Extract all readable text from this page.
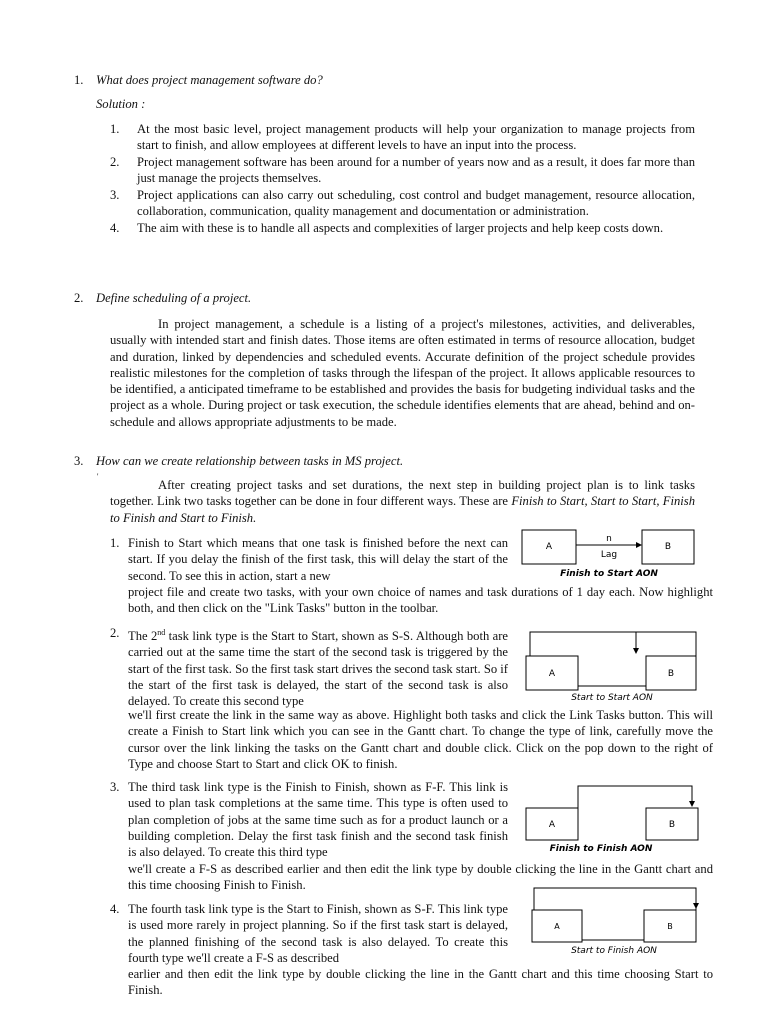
1. What does project management software do?
Solution :
1. At the most basic level, project management products will help your organization to manage projects from start to finish, and allow employees at different levels to have an input into the process.
2. Project management software has been around for a number of years now and as a result, it does far more than just manage the projects themselves.
3. Project applications can also carry out scheduling, cost control and budget management, resource allocation, collaboration, communication, quality management and documentation or administration.
4. The aim with these is to handle all aspects and complexities of larger projects and help keep costs down.
2. Define scheduling of a project.

In project management, a schedule is a listing of a project's milestones, activities, and deliverables, usually with intended start and finish dates. Those items are often estimated in terms of resource allocation, budget and duration, linked by dependencies and scheduled events. Accurate definition of the project schedule provides realistic milestones for the completion of tasks through the lifespan of the project. It allows applicable resources to be identified, a anticipated timeframe to be established and provides the basis for budgeting individual tasks and the project as a whole. During project or task execution, the schedule identifies elements that are ahead, behind and on-schedule and allows appropriate adjustments to be made.

3. How can we create relationship between tasks in MS project.
'

After creating project tasks and set durations, the next step in building project plan is to link tasks together. Link two tasks together can be done in four different ways. These are Finish to Start, Start to Start, Finish to Finish and Start to Finish.

1. Finish to Start which means that one task is finished before the next can start. If you delay the finish of the first task, this will delay the start of the second. To see this in action, start a new
project file and create two tasks, with your own choice of names and task durations of 1 day each. Now highlight both, and then click on the "Link Tasks" button in the toolbar.
2. The 2nd task link type is the Start to Start, shown as S-S. Although both are carried out at the same time the start of the second task is triggered by the start of the first task. So the first task start drives the second task start. So if the start of the first task is delayed, the start of the second task is also delayed. To create this second type
we'll first create the link in the same way as above. Highlight both tasks and click the Link Tasks button. This will create a Finish to Start link which you can see in the Gantt chart. To change the type of link, carefully move the cursor over the link linking the tasks on the Gantt chart and double click. Click on the pop down to the right of Type and choose Start to Start and click OK to finish.
3. The third task link type is the Finish to Finish, shown as F-F. This link is used to plan task completions at the same time. This type is often used to plan completion of jobs at the same time such as for a product launch or a building completion. Delay the first task finish and the second task finish is also delayed. To create this third type
we'll create a F-S as described earlier and then edit the link type by double clicking the line in the Gantt chart and this time choosing Finish to Finish.
4. The fourth task link type is the Start to Finish, shown as S-F. This link type is used more rarely in project planning. So if the first task start is delayed, the planned finishing of the second task is also delayed. To create this fourth type we'll create a F-S as described
earlier and then edit the link type by double clicking the line in the Gantt chart and this time choosing Start to Finish.
A	B
n
Lag
Finish to Start AON
A	B
Start to Start AON
A	B
Finish to Finish AON
A	B
Start to Finish AON
